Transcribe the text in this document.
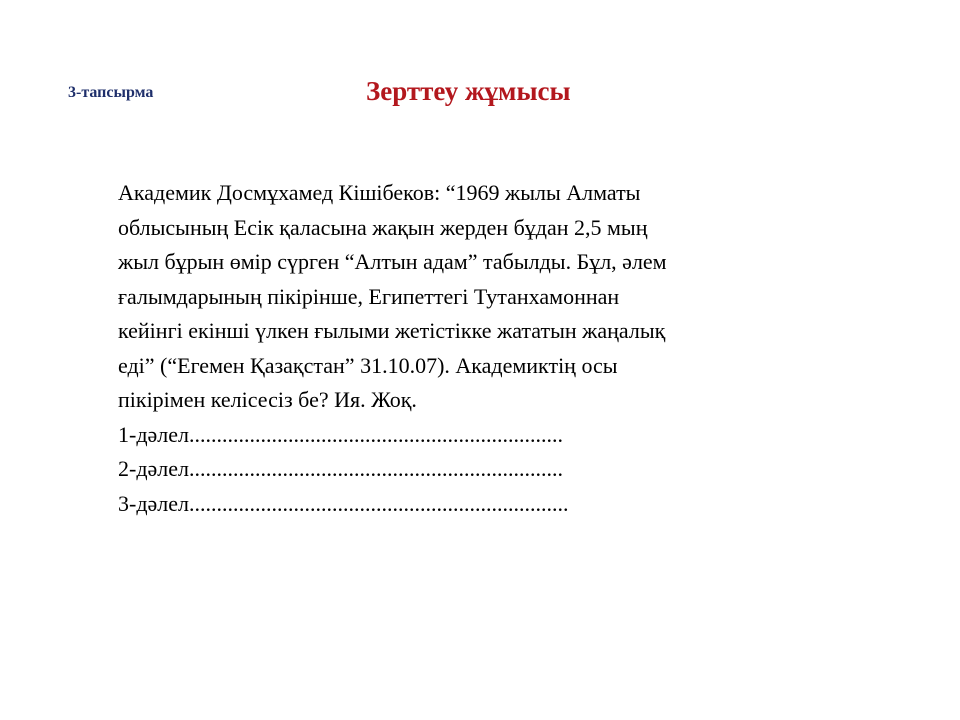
3-тапсырма	Зерттеу жұмысы
Академик Досмұхамед Кішібеков: “1969 жылы Алматы
облысының Есік қаласына жақын жерден бұдан 2,5 мың
жыл бұрын өмір сүрген “Алтын адам” табылды. Бұл, әлем
ғалымдарының пікірінше, Египеттегі Тутанхамоннан
кейінгі екінші үлкен ғылыми жетістікке жататын жаңалық
еді” (“Егемен Қазақстан” 31.10.07). Академиктің осы
пікірімен келісесіз бе? Ия. Жоқ.
1-дәлел....................................................................
2-дәлел....................................................................
3-дәлел.....................................................................
